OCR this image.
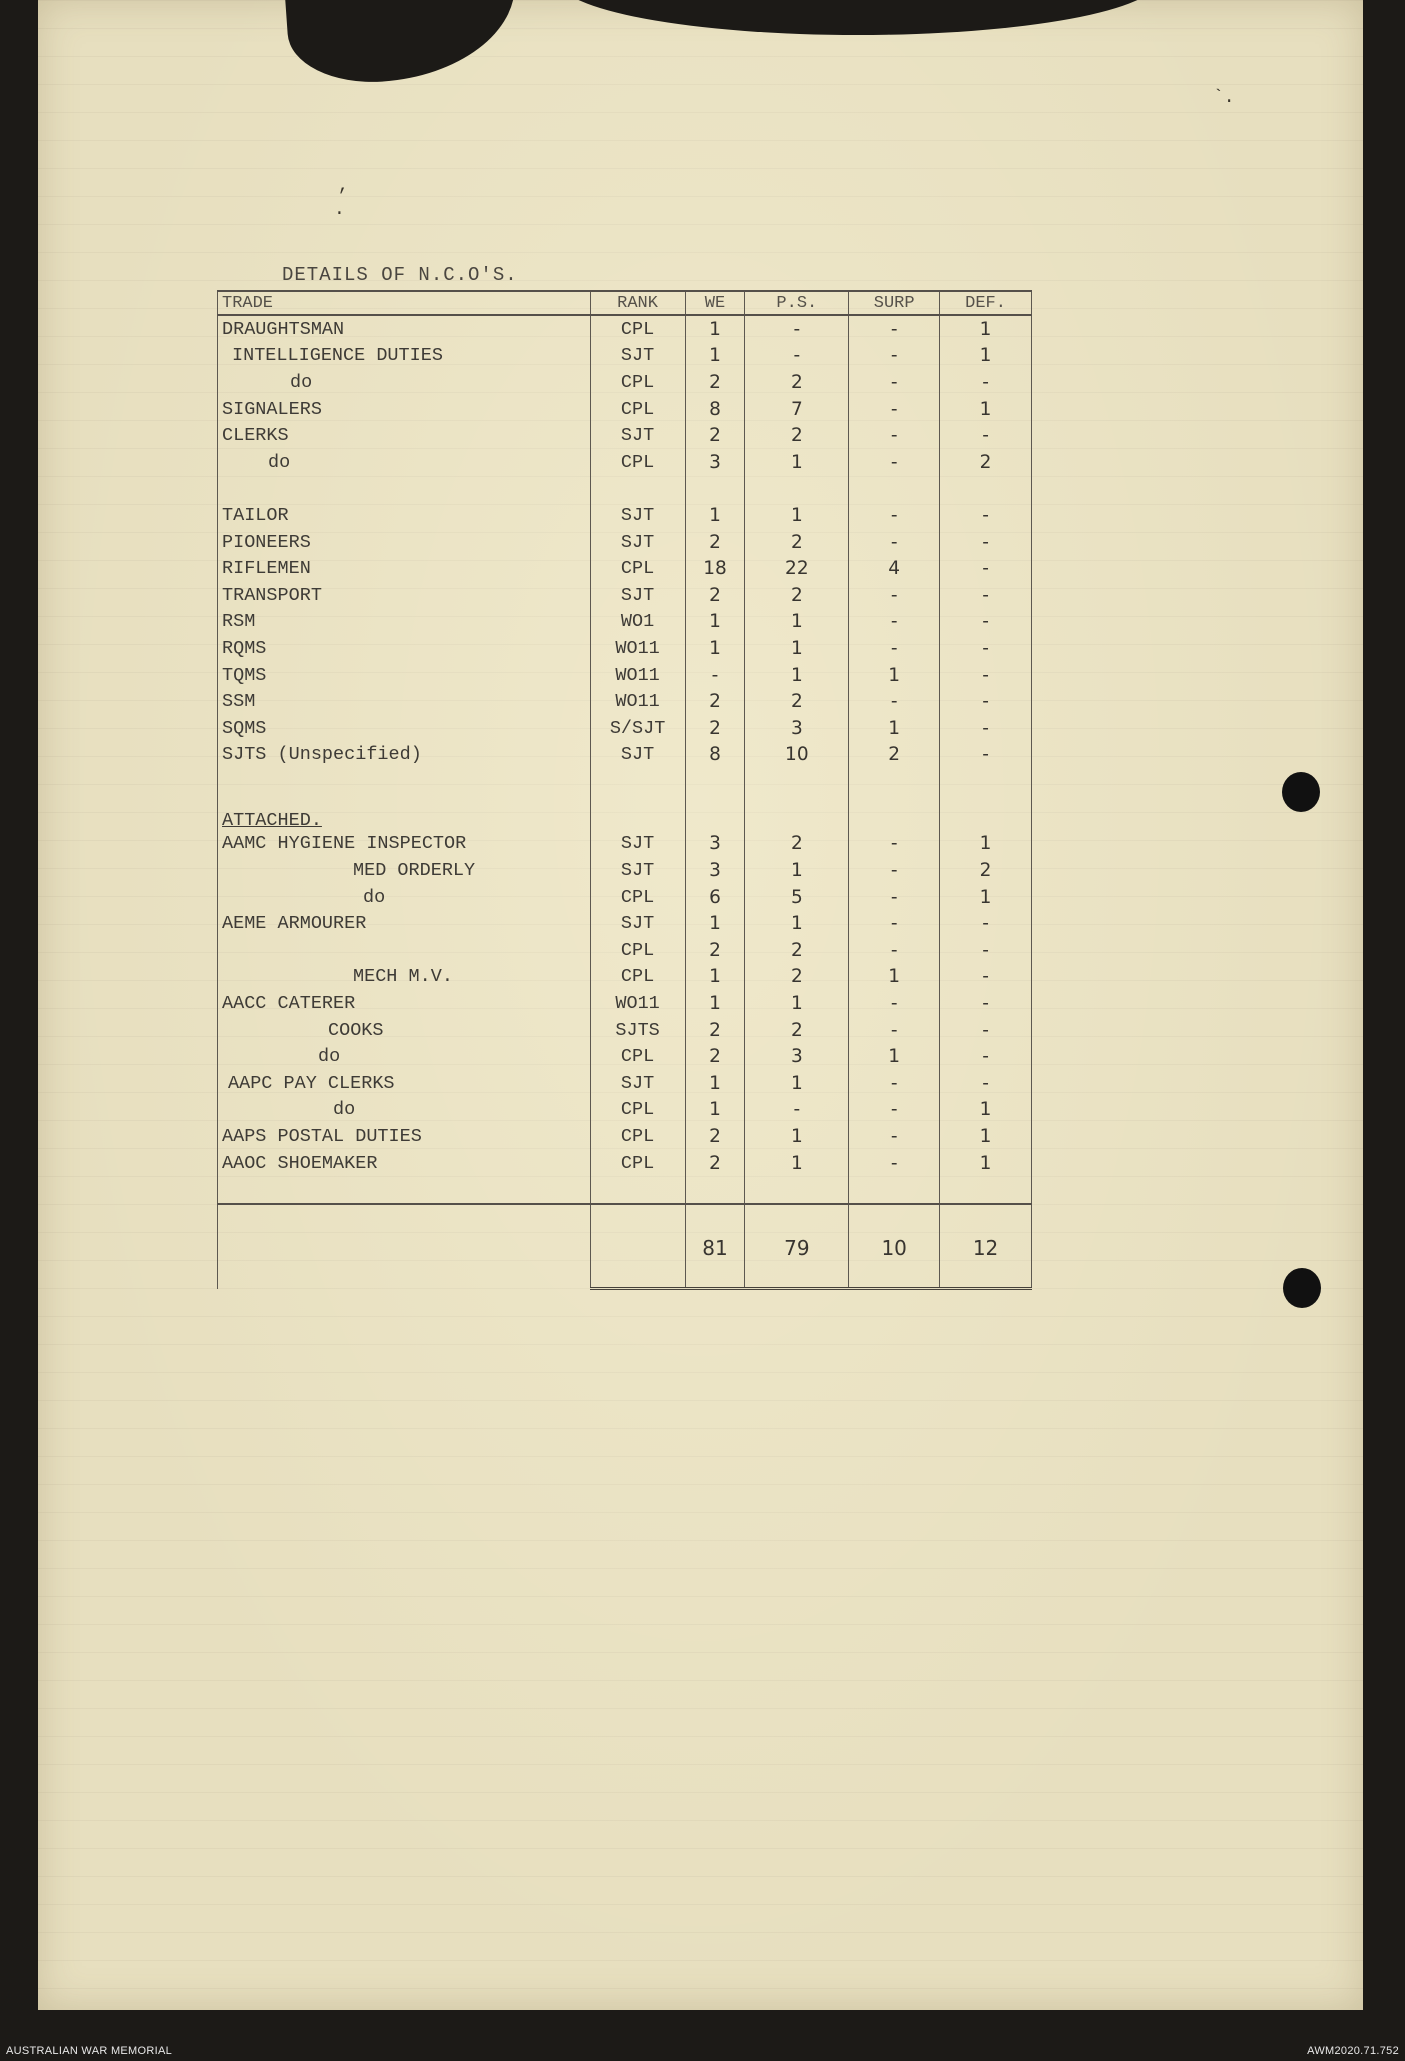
`.
,
.
DETAILS OF N.C.O'S.
TRADE	RANK	WE	P.S.	SURP	DEF.
DRAUGHTSMAN	CPL	1	-	-	1
INTELLIGENCE DUTIES	SJT	1	-	-	1
do	CPL	2	2	-	-
SIGNALERS	CPL	8	7	-	1
CLERKS	SJT	2	2	-	-
do	CPL	3	1	-	2

TAILOR	SJT	1	1	-	-
PIONEERS	SJT	2	2	-	-
RIFLEMEN	CPL	18	22	4	-
TRANSPORT	SJT	2	2	-	-
RSM	WO1	1	1	-	-
RQMS	WO11	1	1	-	-
TQMS	WO11	-	1	1	-
SSM	WO11	2	2	-	-
SQMS	S/SJT	2	3	1	-
SJTS (Unspecified)	SJT	8	10	2	-

ATTACHED.					
AAMC HYGIENE INSPECTOR	SJT	3	2	-	1
MED ORDERLY	SJT	3	1	-	2
do	CPL	6	5	-	1
AEME ARMOURER	SJT	1	1	-	-
	CPL	2	2	-	-
MECH M.V.	CPL	1	2	1	-
AACC CATERER	WO11	1	1	-	-
COOKS	SJTS	2	2	-	-
do	CPL	2	3	1	-
AAPC PAY CLERKS	SJT	1	1	-	-
do	CPL	1	-	-	1
AAPS POSTAL DUTIES	CPL	2	1	-	1
AAOC SHOEMAKER	CPL	2	1	-	1

		81	79	10	12

AUSTRALIAN WAR MEMORIAL	AWM2020.71.752
